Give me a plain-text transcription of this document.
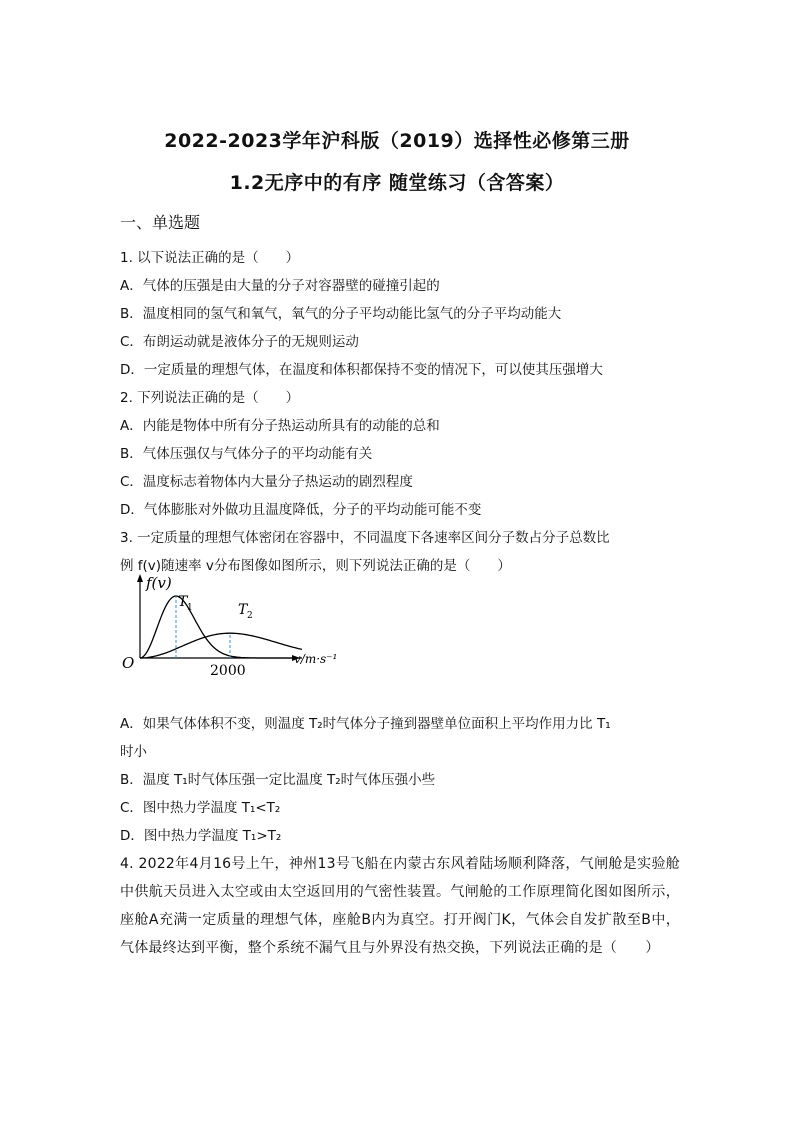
2022-2023学年沪科版（2019）选择性必修第三册
1.2无序中的有序 随堂练习（含答案）
一、单选题
1. 以下说法正确的是（　　）
A．气体的压强是由大量的分子对容器壁的碰撞引起的
B．温度相同的氢气和氧气，氧气的分子平均动能比氢气的分子平均动能大
C．布朗运动就是液体分子的无规则运动
D．一定质量的理想气体，在温度和体积都保持不变的情况下，可以使其压强增大
2. 下列说法正确的是（　　）
A．内能是物体中所有分子热运动所具有的动能的总和
B．气体压强仅与气体分子的平均动能有关
C．温度标志着物体内大量分子热运动的剧烈程度
D．气体膨胀对外做功且温度降低，分子的平均动能可能不变
3. 一定质量的理想气体密闭在容器中，不同温度下各速率区间分子数占分子总数比
例 f(v)随速率 v分布图像如图所示，则下列说法正确的是（　　）
f(v)
O	2000
v/m·s⁻¹
T 1	T 2
A．如果气体体积不变，则温度 T₂时气体分子撞到器壁单位面积上平均作用力比 T₁
时小
B．温度 T₁时气体压强一定比温度 T₂时气体压强小些
C．图中热力学温度 T₁<T₂
D．图中热力学温度 T₁>T₂
4. 2022年4月16号上午，神州13号飞船在内蒙古东风着陆场顺利降落，气闸舱是实验舱中供航天员进入太空或由太空返回用的气密性装置。气闸舱的工作原理简化图如图所示，座舱A充满一定质量的理想气体，座舱B内为真空。打开阀门K，气体会自发扩散至B中，气体最终达到平衡，整个系统不漏气且与外界没有热交换，下列说法正确的是（　　）
